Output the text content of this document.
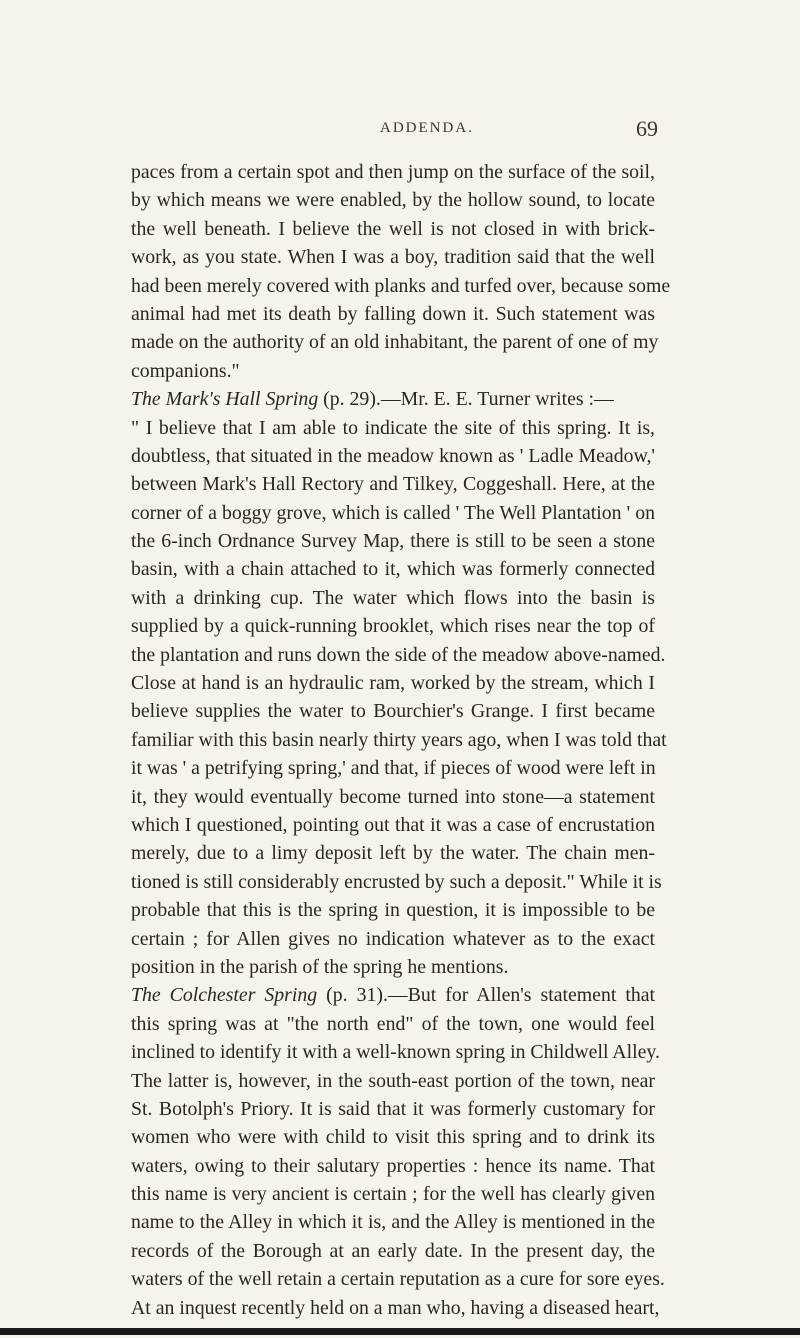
ADDENDA.	69
paces from a certain spot and then jump on the surface of the soil,
by which means we were enabled, by the hollow sound, to locate
the well beneath. I believe the well is not closed in with brick-
work, as you state. When I was a boy, tradition said that the well
had been merely covered with planks and turfed over, because some
animal had met its death by falling down it. Such statement was
made on the authority of an old inhabitant, the parent of one of my
companions."
The Mark's Hall Spring (p. 29).—Mr. E. E. Turner writes :—
" I believe that I am able to indicate the site of this spring. It is,
doubtless, that situated in the meadow known as ' Ladle Meadow,'
between Mark's Hall Rectory and Tilkey, Coggeshall. Here, at the
corner of a boggy grove, which is called ' The Well Plantation ' on
the 6-inch Ordnance Survey Map, there is still to be seen a stone
basin, with a chain attached to it, which was formerly connected
with a drinking cup. The water which flows into the basin is
supplied by a quick-running brooklet, which rises near the top of
the plantation and runs down the side of the meadow above-named.
Close at hand is an hydraulic ram, worked by the stream, which I
believe supplies the water to Bourchier's Grange. I first became
familiar with this basin nearly thirty years ago, when I was told that
it was ' a petrifying spring,' and that, if pieces of wood were left in
it, they would eventually become turned into stone—a statement
which I questioned, pointing out that it was a case of encrustation
merely, due to a limy deposit left by the water. The chain men-
tioned is still considerably encrusted by such a deposit." While it is
probable that this is the spring in question, it is impossible to be
certain ; for Allen gives no indication whatever as to the exact
position in the parish of the spring he mentions.
The Colchester Spring (p. 31).—But for Allen's statement that
this spring was at "the north end" of the town, one would feel
inclined to identify it with a well-known spring in Childwell Alley.
The latter is, however, in the south-east portion of the town, near
St. Botolph's Priory. It is said that it was formerly customary for
women who were with child to visit this spring and to drink its
waters, owing to their salutary properties : hence its name. That
this name is very ancient is certain ; for the well has clearly given
name to the Alley in which it is, and the Alley is mentioned in the
records of the Borough at an early date. In the present day, the
waters of the well retain a certain reputation as a cure for sore eyes.
At an inquest recently held on a man who, having a diseased heart,
